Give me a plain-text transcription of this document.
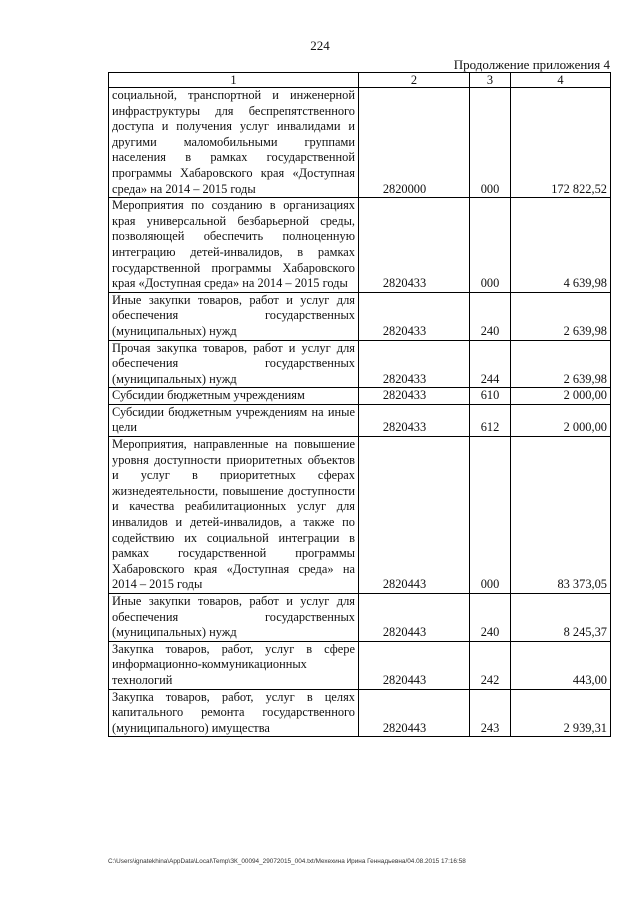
224
Продолжение приложения 4
1	2	3	4
социальной, транспортной и инженерной инфраструктуры для беспрепятственного доступа и получения услуг инвалидами и другими маломобильными группами населения в рамках государственной программы Хабаровского края «Доступная среда» на 2014 – 2015 годы	2820000	000	172 822,52
Мероприятия по созданию в организациях края универсальной безбарьерной среды, позволяющей обеспечить полноценную интеграцию детей-инвалидов, в рамках государственной программы Хабаровского края «Доступная среда» на 2014 – 2015 годы	2820433	000	4 639,98
Иные закупки товаров, работ и услуг для обеспечения государственных (муниципальных) нужд	2820433	240	2 639,98
Прочая закупка товаров, работ и услуг для обеспечения государственных (муниципальных) нужд	2820433	244	2 639,98
Субсидии бюджетным учреждениям	2820433	610	2 000,00
Субсидии бюджетным учреждениям на иные цели	2820433	612	2 000,00
Мероприятия, направленные на повышение уровня доступности приоритетных объектов и услуг в приоритетных сферах жизнедеятельности, повышение доступности и качества реабилитационных услуг для инвалидов и детей-инвалидов, а также по содействию их социальной интеграции в рамках государственной программы Хабаровского края «Доступная среда» на 2014 – 2015 годы	2820443	000	83 373,05
Иные закупки товаров, работ и услуг для обеспечения государственных (муниципальных) нужд	2820443	240	8 245,37
Закупка товаров, работ, услуг в сфере информационно-коммуникационных технологий	2820443	242	443,00
Закупка товаров, работ, услуг в целях капитального ремонта государственного (муниципального) имущества	2820443	243	2 939,31
C:\Users\ignatekhina\AppData\Local\Temp\ЗК_00094_29072015_004.txt/Мехехина Ирина Геннадьевна/04.08.2015 17:16:58
